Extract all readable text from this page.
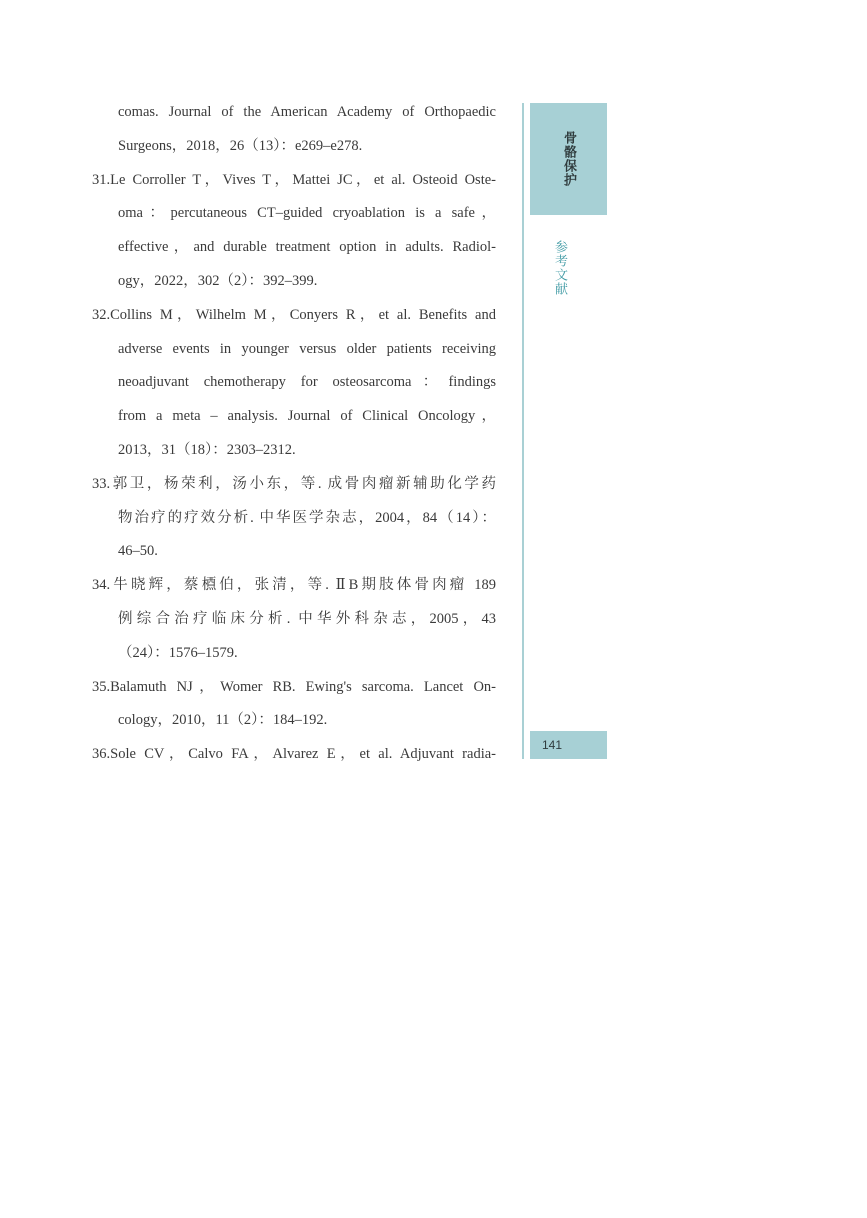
comas. Journal of the American Academy of Orthopaedic
Surgeons，2018，26（13）：e269–e278.
31.Le Corroller T，Vives T，Mattei JC，et al. Osteoid Oste-
oma：percutaneous CT–guided cryoablation is a safe，
effective，and durable treatment option in adults. Radiol-
ogy，2022，302（2）：392–399.
32.Collins M，Wilhelm M，Conyers R，et al. Benefits and
adverse events in younger versus older patients receiving
neoadjuvant chemotherapy for osteosarcoma：findings
from a meta – analysis. Journal of Clinical Oncology，
2013，31（18）：2303–2312.
33.郭卫，杨荣利，汤小东，等. 成骨肉瘤新辅助化学药
物治疗的疗效分析. 中华医学杂志，2004，84（14）：
46–50.
34.牛晓辉，蔡槱伯，张清，等. ⅡB期肢体骨肉瘤 189
例综合治疗临床分析. 中华外科杂志，2005，43
（24）：1576–1579.
35.Balamuth NJ，Womer RB. Ewing's sarcoma. Lancet On-
cology，2010，11（2）：184–192.
36.Sole CV，Calvo FA，Alvarez E，et al. Adjuvant radia-
骨骼保护
参考文献
141
